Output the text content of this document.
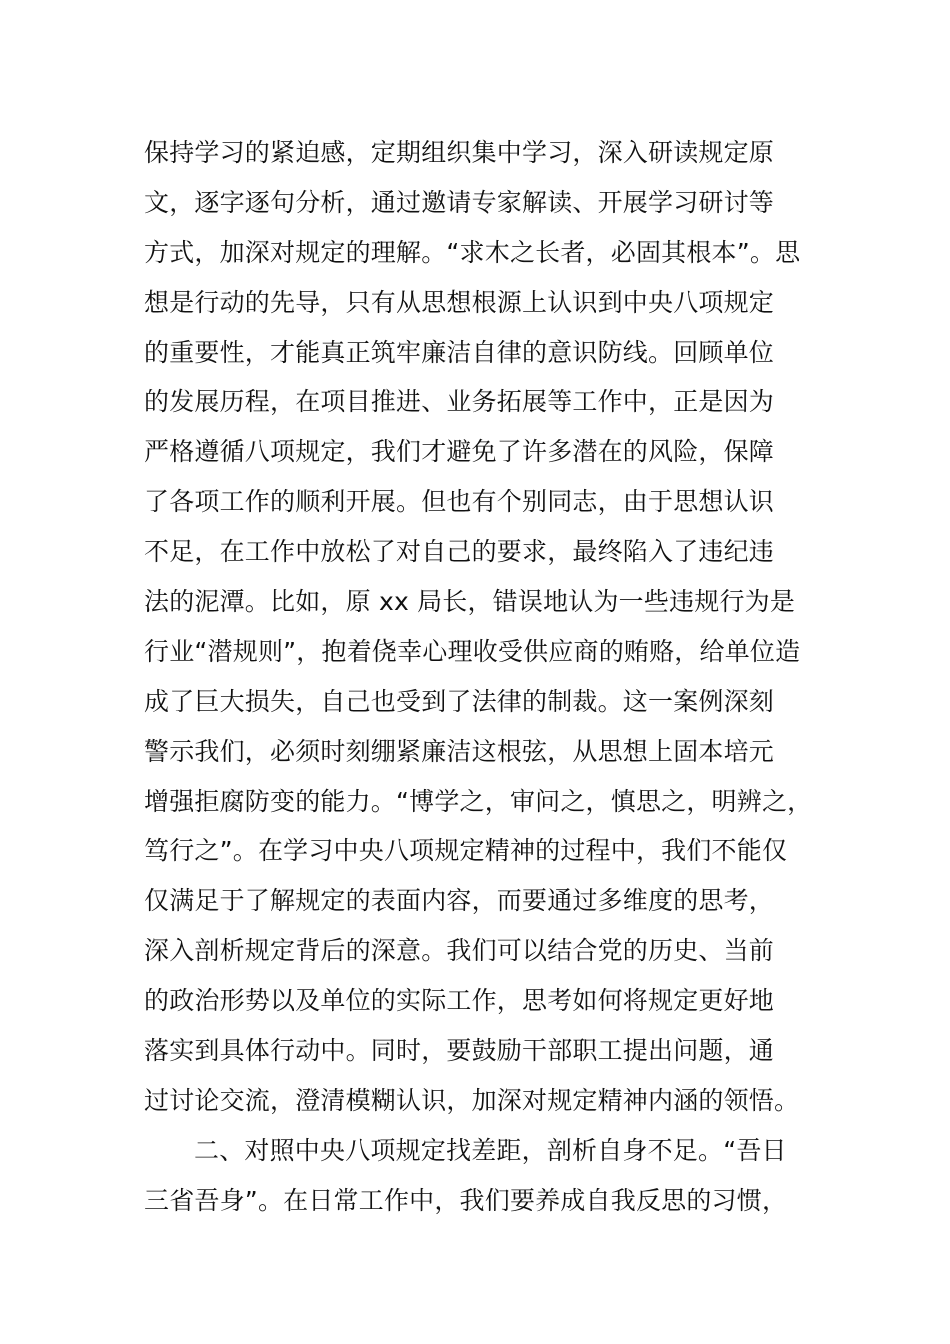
保持学习的紧迫感，定期组织集中学习，深入研读规定原
文，逐字逐句分析，通过邀请专家解读、开展学习研讨等
方式，加深对规定的理解。“求木之长者，必固其根本”。思
想是行动的先导，只有从思想根源上认识到中央八项规定
的重要性，才能真正筑牢廉洁自律的意识防线。回顾单位
的发展历程，在项目推进、业务拓展等工作中，正是因为
严格遵循八项规定，我们才避免了许多潜在的风险，保障
了各项工作的顺利开展。但也有个别同志，由于思想认识
不足，在工作中放松了对自己的要求，最终陷入了违纪违
法的泥潭。比如，原 xx 局长，错误地认为一些违规行为是
行业“潜规则”，抱着侥幸心理收受供应商的贿赂，给单位造
成了巨大损失，自己也受到了法律的制裁。这一案例深刻
警示我们，必须时刻绷紧廉洁这根弦，从思想上固本培元
增强拒腐防变的能力。“博学之，审问之，慎思之，明辨之，
笃行之”。在学习中央八项规定精神的过程中，我们不能仅
仅满足于了解规定的表面内容，而要通过多维度的思考，
深入剖析规定背后的深意。我们可以结合党的历史、当前
的政治形势以及单位的实际工作，思考如何将规定更好地
落实到具体行动中。同时，要鼓励干部职工提出问题，通
过讨论交流，澄清模糊认识，加深对规定精神内涵的领悟。
二、对照中央八项规定找差距，剖析自身不足。“吾日
三省吾身”。在日常工作中，我们要养成自我反思的习惯，
